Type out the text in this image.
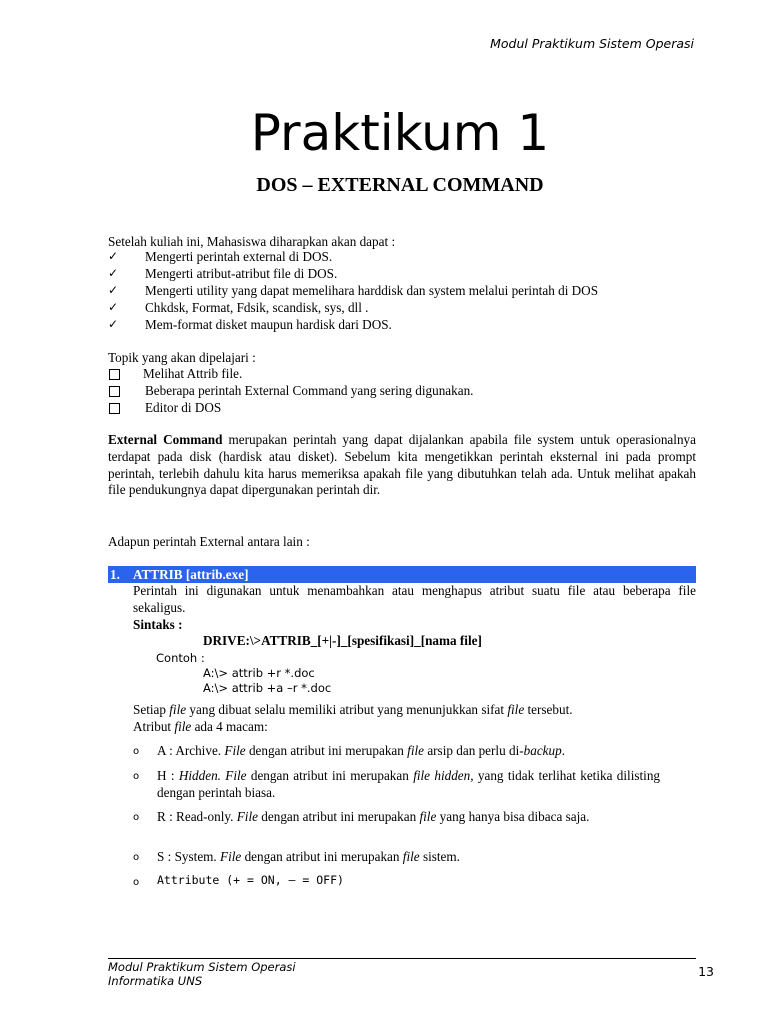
Modul Praktikum Sistem Operasi
Praktikum 1
DOS – EXTERNAL COMMAND
Setelah kuliah ini, Mahasiswa diharapkan akan dapat :
✓ Mengerti perintah external di DOS.
✓ Mengerti atribut-atribut file di DOS.
✓ Mengerti utility yang dapat memelihara harddisk dan system melalui perintah di DOS
✓ Chkdsk, Format, Fdsik, scandisk, sys, dll .
✓ Mem-format disket maupun hardisk dari DOS.
Topik yang akan dipelajari :
Melihat Attrib file.
Beberapa perintah External Command yang sering digunakan.
Editor di DOS
External Command merupakan perintah yang dapat dijalankan apabila file system untuk operasionalnya terdapat pada disk (hardisk atau disket). Sebelum kita mengetikkan perintah eksternal ini pada prompt perintah, terlebih dahulu kita harus memeriksa apakah file yang dibutuhkan telah ada. Untuk melihat apakah file pendukungnya dapat dipergunakan perintah dir.
Adapun perintah External antara lain :
1. ATTRIB [attrib.exe]
Perintah ini digunakan untuk menambahkan atau menghapus atribut suatu file atau beberapa file sekaligus.
Sintaks :
DRIVE:\>ATTRIB_[+|-]_[spesifikasi]_[nama file]
Contoh :
A:\> attrib +r *.doc
A:\> attrib +a –r *.doc
Setiap file yang dibuat selalu memiliki atribut yang menunjukkan sifat file tersebut.
Atribut file ada 4 macam:
o A : Archive. File dengan atribut ini merupakan file arsip dan perlu di-backup.
o H : Hidden. File dengan atribut ini merupakan file hidden, yang tidak terlihat ketika dilisting dengan perintah biasa.
o R : Read-only. File dengan atribut ini merupakan file yang hanya bisa dibaca saja.
o S : System. File dengan atribut ini merupakan file sistem.
o Attribute (+ = ON, – = OFF)
Modul Praktikum Sistem Operasi
Informatika UNS
13
